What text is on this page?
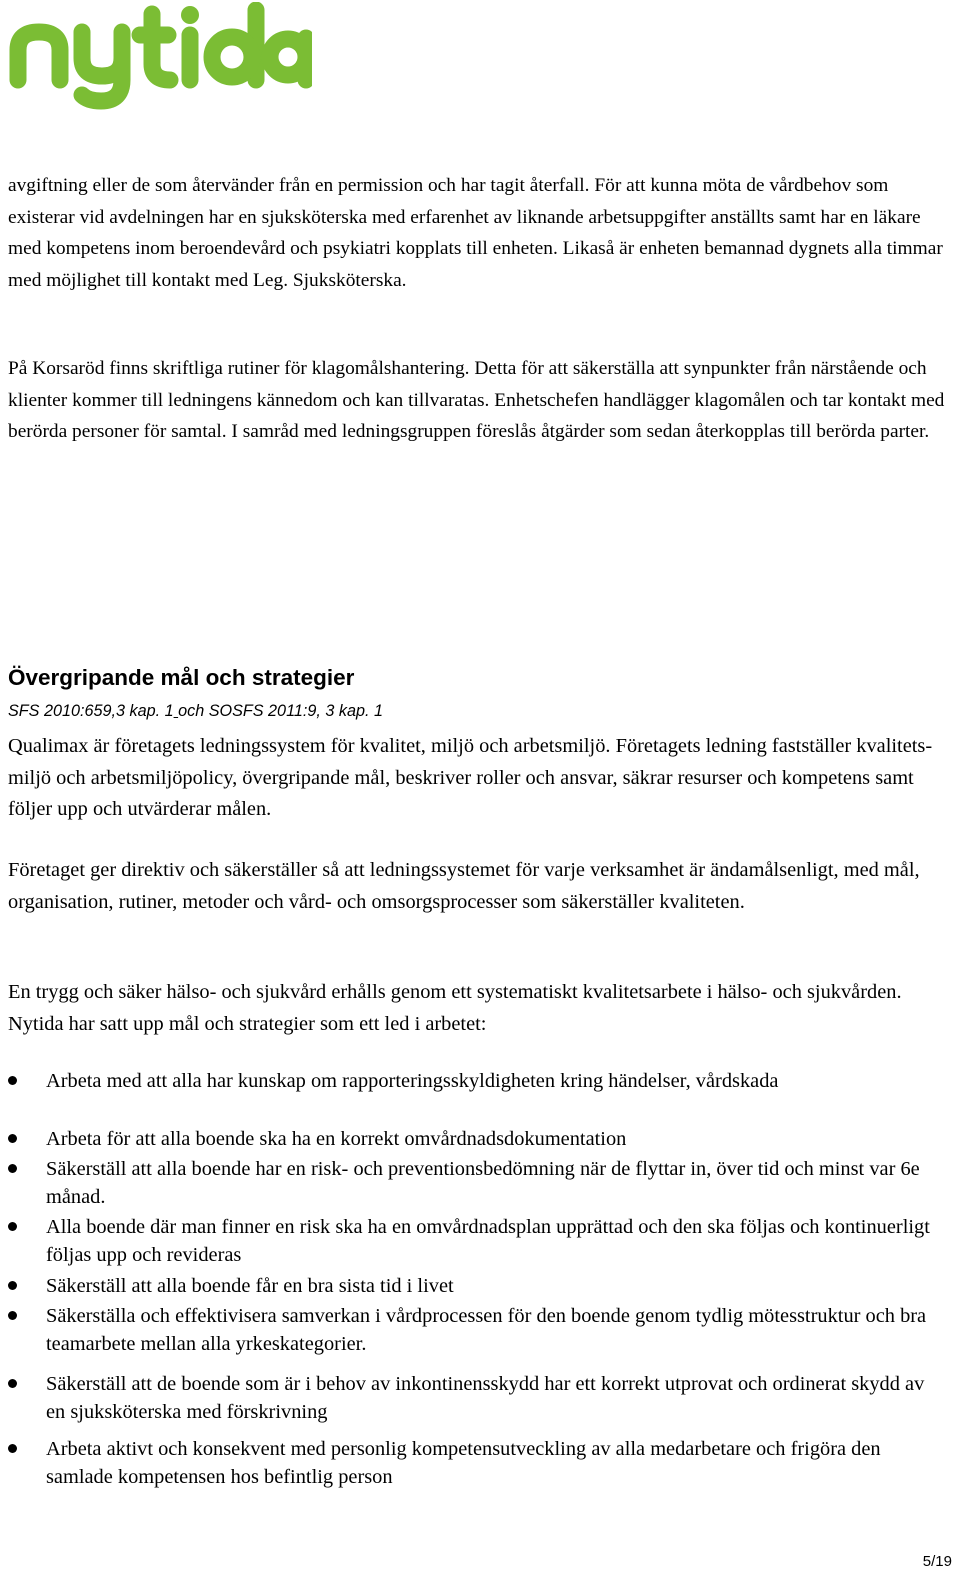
avgiftning eller de som återvänder från en permission och har tagit återfall. För att kunna möta de vårdbehov som existerar vid avdelningen har en sjuksköterska med erfarenhet av liknande arbetsuppgifter anställts samt har en läkare med kompetens inom beroendevård och psykiatri kopplats till enheten. Likaså är enheten bemannad dygnets alla timmar med möjlighet till kontakt med Leg. Sjuksköterska.
På Korsaröd finns skriftliga rutiner för klagomålshantering. Detta för att säkerställa att synpunkter från närstående och klienter kommer till ledningens kännedom och kan tillvaratas. Enhetschefen handlägger klagomålen och tar kontakt med berörda personer för samtal. I samråd med ledningsgruppen föreslås åtgärder som sedan återkopplas till berörda parter.
Övergripande mål och strategier
SFS 2010:659,3 kap. 1 och SOSFS 2011:9, 3 kap. 1
Qualimax är företagets ledningssystem för kvalitet, miljö och arbetsmiljö. Företagets ledning fastställer kvalitets- miljö och arbetsmiljöpolicy, övergripande mål, beskriver roller och ansvar, säkrar resurser och kompetens samt följer upp och utvärderar målen.
Företaget ger direktiv och säkerställer så att ledningssystemet för varje verksamhet är ändamålsenligt, med mål, organisation, rutiner, metoder och vård- och omsorgsprocesser som säkerställer kvaliteten.
En trygg och säker hälso- och sjukvård erhålls genom ett systematiskt kvalitetsarbete i hälso- och sjukvården. Nytida har satt upp mål och strategier som ett led i arbetet:
Arbeta med att alla har kunskap om rapporteringsskyldigheten kring händelser, vårdskada
Arbeta för att alla boende ska ha en korrekt omvårdnadsdokumentation
Säkerställ att alla boende har en risk- och preventionsbedömning när de flyttar in, över tid och minst var 6e månad.
Alla boende där man finner en risk ska ha en omvårdnadsplan upprättad och den ska följas och kontinuerligt följas upp och revideras
Säkerställ att alla boende får en bra sista tid i livet
Säkerställa och effektivisera samverkan i vårdprocessen för den boende genom tydlig mötesstruktur och bra teamarbete mellan alla yrkeskategorier.
Säkerställ att de boende som är i behov av inkontinensskydd har ett korrekt utprovat och ordinerat skydd av en sjuksköterska med förskrivning
Arbeta aktivt och konsekvent med personlig kompetensutveckling av alla medarbetare och frigöra den samlade kompetensen hos befintlig person
5/19
